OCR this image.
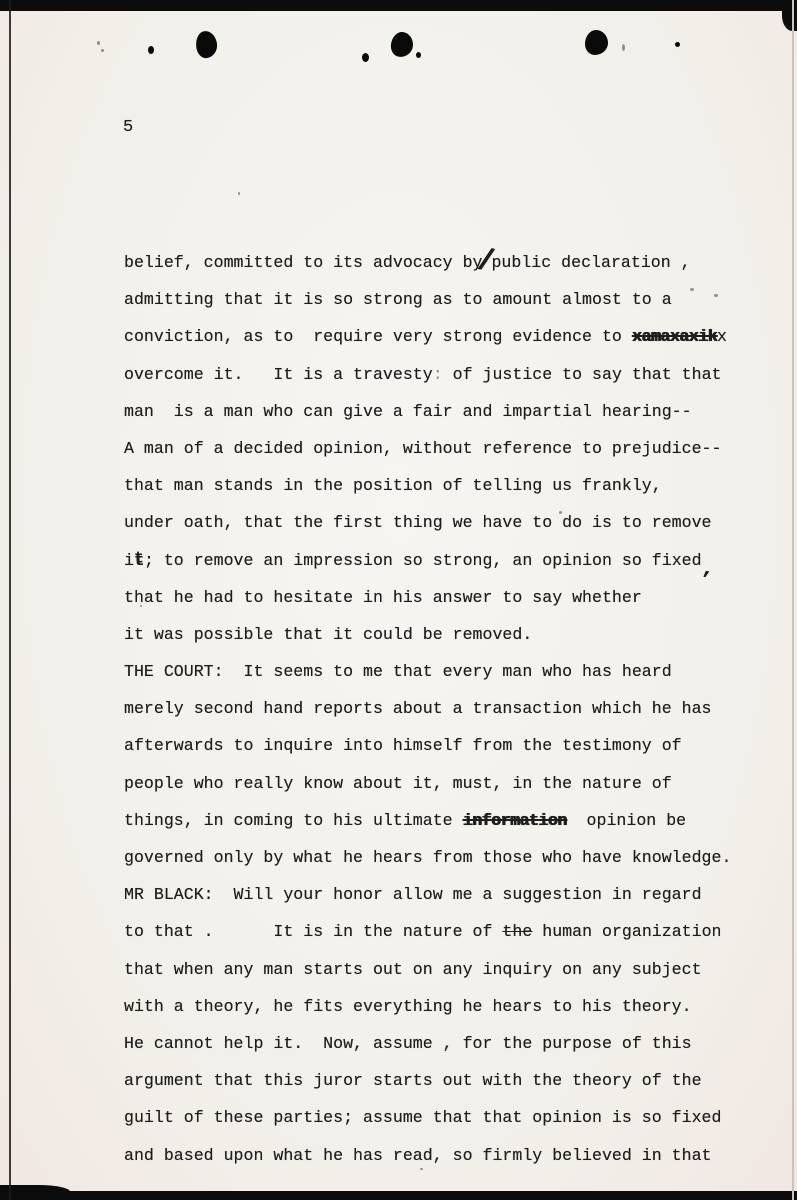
5
belief, committed to its advocacy by/public declaration ,
admitting that it is so strong as to amount almost to a
conviction, as to  require very strong evidence to xamaxaxikx
overcome it.   It is a travesty: of justice to say that that
man  is a man who can give a fair and impartial hearing--
A man of a decided opinion, without reference to prejudice--
that man stands in the position of telling us frankly,
under oath, that the first thing we have to do is to remove
it; to remove an impression so strong, an opinion so fixed,
that he had to hesitate in his answer to say whether
it was possible that it could be removed.
THE COURT:  It seems to me that every man who has heard
merely second hand reports about a transaction which he has
afterwards to inquire into himself from the testimony of
people who really know about it, must, in the nature of
things, in coming to his ultimate information  opinion be
governed only by what he hears from those who have knowledge.
MR BLACK:  Will your honor allow me a suggestion in regard
to that .      It is in the nature of the human organization
that when any man starts out on any inquiry on any subject
with a theory, he fits everything he hears to his theory.
He cannot help it.  Now, assume , for the purpose of this
argument that this juror starts out with the theory of the
guilt of these parties; assume that that opinion is so fixed
and based upon what he has read, so firmly believed in that
